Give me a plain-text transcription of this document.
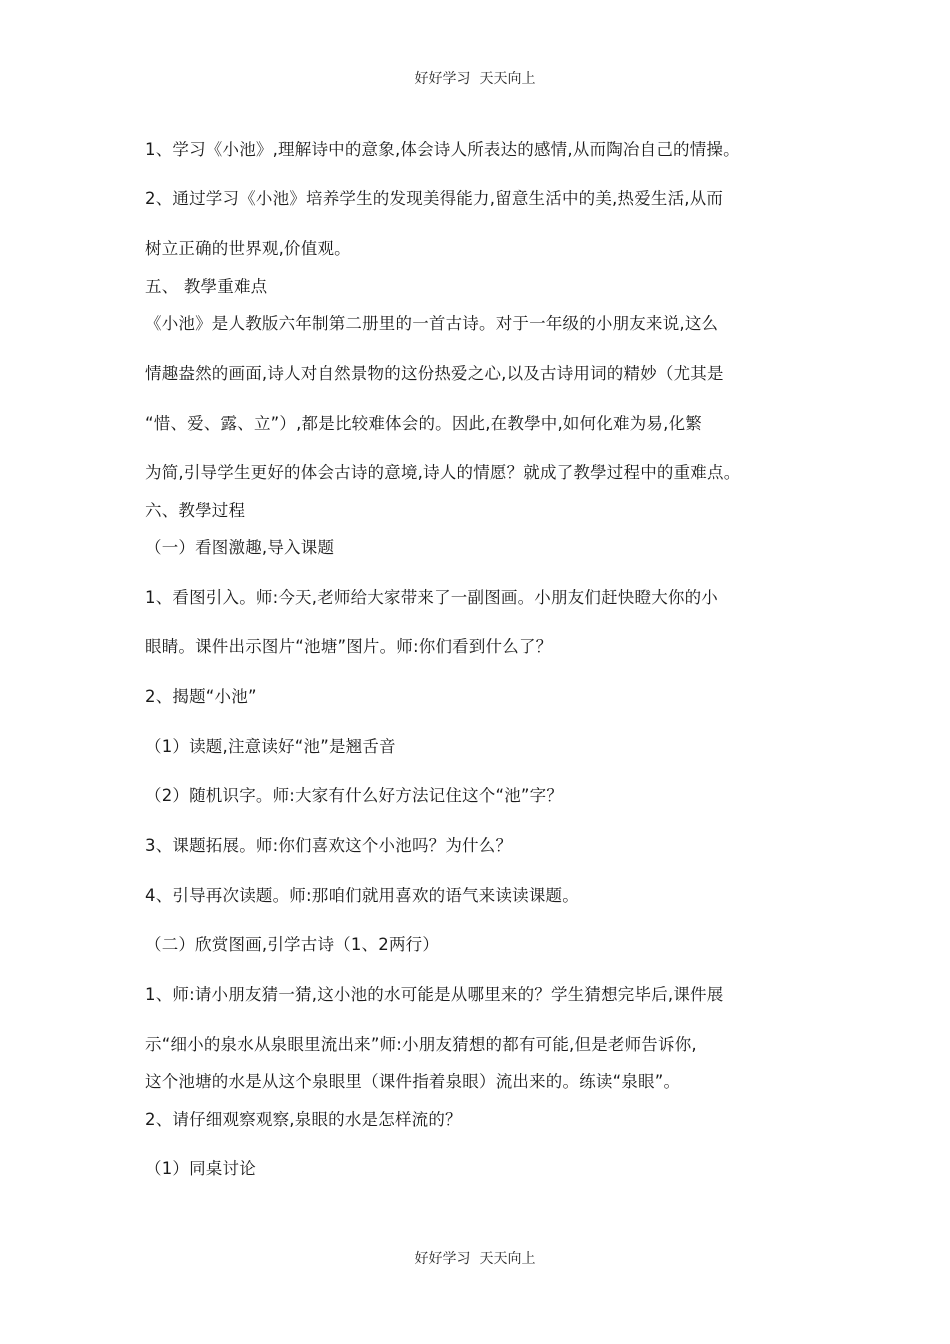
好好学习  天天向上
1、学习《小池》,理解诗中的意象,体会诗人所表达的感情,从而陶冶自己的情操。
2、通过学习《小池》培养学生的发现美得能力,留意生活中的美,热爱生活,从而
树立正确的世界观,价值观。
五、 教學重难点
《小池》是人教版六年制第二册里的一首古诗。对于一年级的小朋友来说,这么
情趣盎然的画面,诗人对自然景物的这份热爱之心,以及古诗用词的精妙（尤其是
“惜、爱、露、立”）,都是比较难体会的。因此,在教學中,如何化难为易,化繁
为简,引导学生更好的体会古诗的意境,诗人的情愿？就成了教學过程中的重难点。
六、教學过程
（一）看图激趣,导入课题
1、看图引入。师:今天,老师给大家带来了一副图画。小朋友们赶快瞪大你的小
眼睛。课件出示图片“池塘”图片。师:你们看到什么了？
2、揭题“小池”
（1）读题,注意读好“池”是翘舌音
（2）随机识字。师:大家有什么好方法记住这个“池”字？
3、课题拓展。师:你们喜欢这个小池吗？为什么？
4、引导再次读题。师:那咱们就用喜欢的语气来读读课题。
（二）欣赏图画,引学古诗（1、2两行）
1、师:请小朋友猜一猜,这小池的水可能是从哪里来的？学生猜想完毕后,课件展
示“细小的泉水从泉眼里流出来”师:小朋友猜想的都有可能,但是老师告诉你,
这个池塘的水是从这个泉眼里（课件指着泉眼）流出来的。练读“泉眼”。
2、请仔细观察观察,泉眼的水是怎样流的？
（1）同桌讨论
好好学习  天天向上
